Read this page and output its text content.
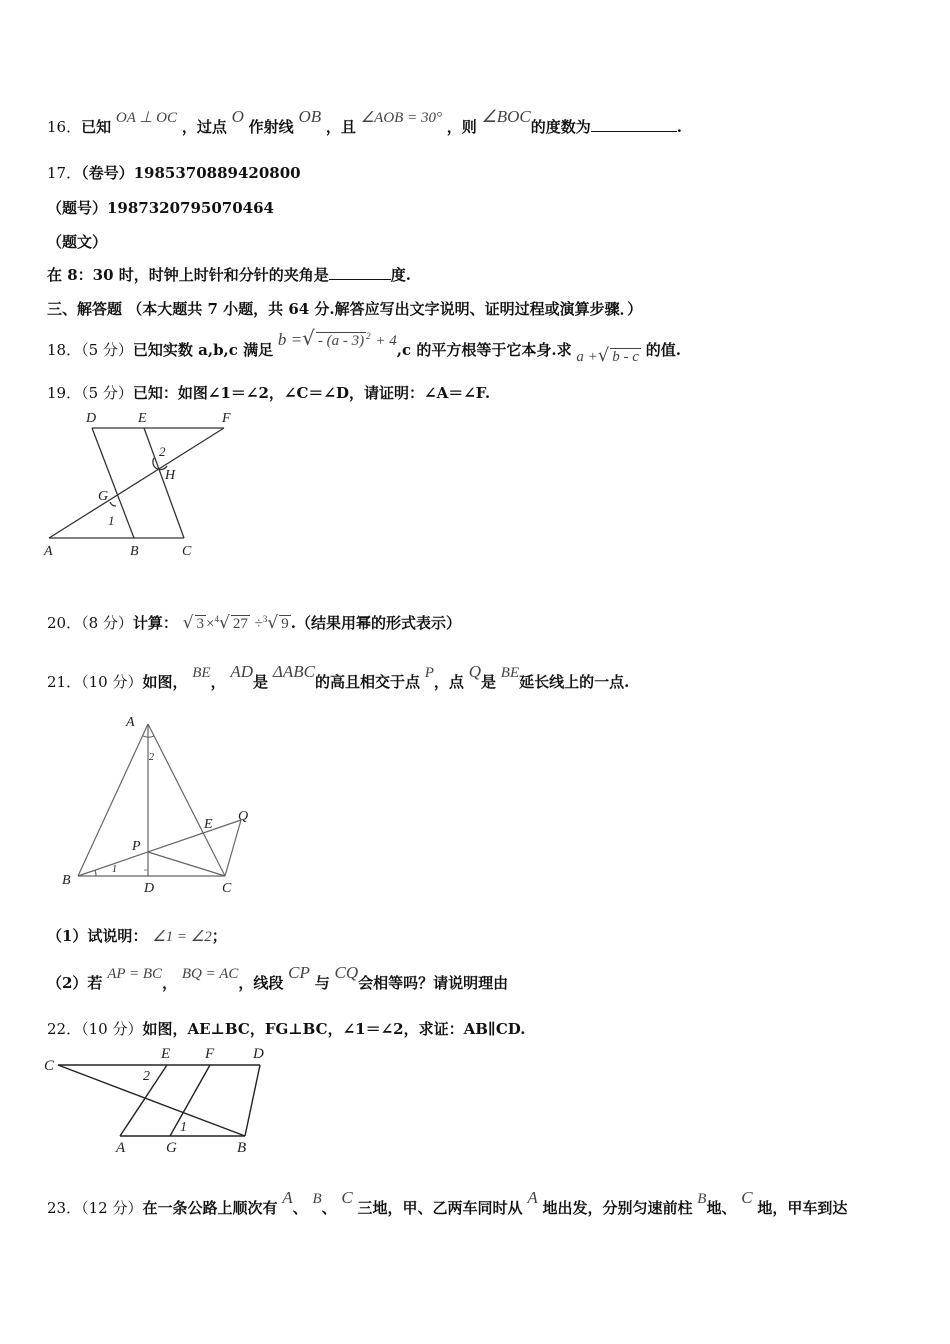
16．已知 OA ⊥ OC ，过点 O 作射线 OB ，且 ∠AOB = 30° ，则 ∠BOC的度数为	.
17．（卷号）1985370889420800
（题号）1987320795070464
（题文）
在 8：30 时，时钟上时针和分针的夹角是	度.
三、解答题 （本大题共 7 小题，共 64 分.解答应写出文字说明、证明过程或演算步骤．）
18．（5 分）已知实数 a,b,c 满足 b =√ - (a - 3) $^2$ + 4,c 的平方根等于它本身.求 a +√ b - c 的值.
19．（5 分）已知：如图∠1＝∠2，∠C＝∠D，请证明：∠A＝∠F.
D	E	F
2
H
G
1
A	B	C
20．（8 分）计算： √ 3 ×$^4$√ 27 ÷$^3$√ 9 .（结果用幂的形式表示）
21．（10 分）如图， BE， AD是 ΔABC的高且相交于点 P，点 Q是 BE延长线上的一点.
A
2
E
Q
P
1
B
D	C
（1）试说明： ∠1 = ∠2；
（2）若 AP = BC， BQ = AC，线段 CP 与 CQ会相等吗？请说明理由
22．（10 分）如图，AE⊥BC，FG⊥BC，∠1＝∠2，求证：AB∥CD.
C
E F	D
2
1
A	G	B
23．（12 分）在一条公路上顺次有 A、 B、 C 三地，甲、乙两车同时从 A 地出发，分别匀速前柱 B地、 C 地，甲车到达
